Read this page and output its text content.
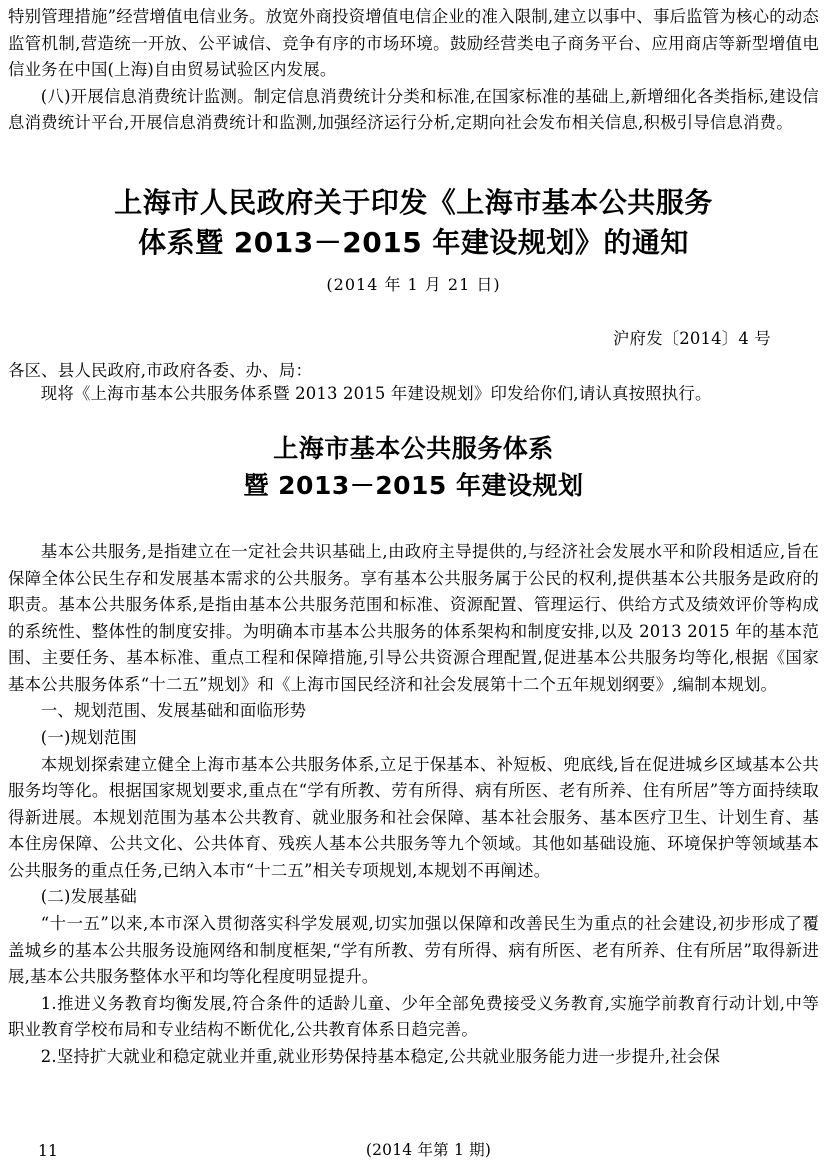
特别管理措施”经营增值电信业务。放宽外商投资增值电信企业的准入限制,建立以事中、事后监管为核心的动态监管机制,营造统一开放、公平诚信、竞争有序的市场环境。鼓励经营类电子商务平台、应用商店等新型增值电信业务在中国(上海)自由贸易试验区内发展。

(八)开展信息消费统计监测。制定信息消费统计分类和标准,在国家标准的基础上,新增细化各类指标,建设信息消费统计平台,开展信息消费统计和监测,加强经济运行分析,定期向社会发布相关信息,积极引导信息消费。

上海市人民政府关于印发《上海市基本公共服务
体系暨 2013－2015 年建设规划》的通知
(2014 年 1 月 21 日)
沪府发〔2014〕4 号
各区、县人民政府,市政府各委、办、局：

现将《上海市基本公共服务体系暨 2013 2015 年建设规划》印发给你们,请认真按照执行。

上海市基本公共服务体系
暨 2013－2015 年建设规划

基本公共服务,是指建立在一定社会共识基础上,由政府主导提供的,与经济社会发展水平和阶段相适应,旨在保障全体公民生存和发展基本需求的公共服务。享有基本公共服务属于公民的权利,提供基本公共服务是政府的职责。基本公共服务体系,是指由基本公共服务范围和标准、资源配置、管理运行、供给方式及绩效评价等构成的系统性、整体性的制度安排。为明确本市基本公共服务的体系架构和制度安排,以及 2013 2015 年的基本范围、主要任务、基本标准、重点工程和保障措施,引导公共资源合理配置,促进基本公共服务均等化,根据《国家基本公共服务体系“十二五”规划》和《上海市国民经济和社会发展第十二个五年规划纲要》,编制本规划。

一、规划范围、发展基础和面临形势
(一)规划范围

本规划探索建立健全上海市基本公共服务体系,立足于保基本、补短板、兜底线,旨在促进城乡区域基本公共服务均等化。根据国家规划要求,重点在“学有所教、劳有所得、病有所医、老有所养、住有所居”等方面持续取得新进展。本规划范围为基本公共教育、就业服务和社会保障、基本社会服务、基本医疗卫生、计划生育、基本住房保障、公共文化、公共体育、残疾人基本公共服务等九个领域。其他如基础设施、环境保护等领域基本公共服务的重点任务,已纳入本市“十二五”相关专项规划,本规划不再阐述。

(二)发展基础

“十一五”以来,本市深入贯彻落实科学发展观,切实加强以保障和改善民生为重点的社会建设,初步形成了覆盖城乡的基本公共服务设施网络和制度框架,“学有所教、劳有所得、病有所医、老有所养、住有所居”取得新进展,基本公共服务整体水平和均等化程度明显提升。

1.推进义务教育均衡发展,符合条件的适龄儿童、少年全部免费接受义务教育,实施学前教育行动计划,中等职业教育学校布局和专业结构不断优化,公共教育体系日趋完善。

2.坚持扩大就业和稳定就业并重,就业形势保持基本稳定,公共就业服务能力进一步提升,社会保

11	(2014 年第 1 期)
